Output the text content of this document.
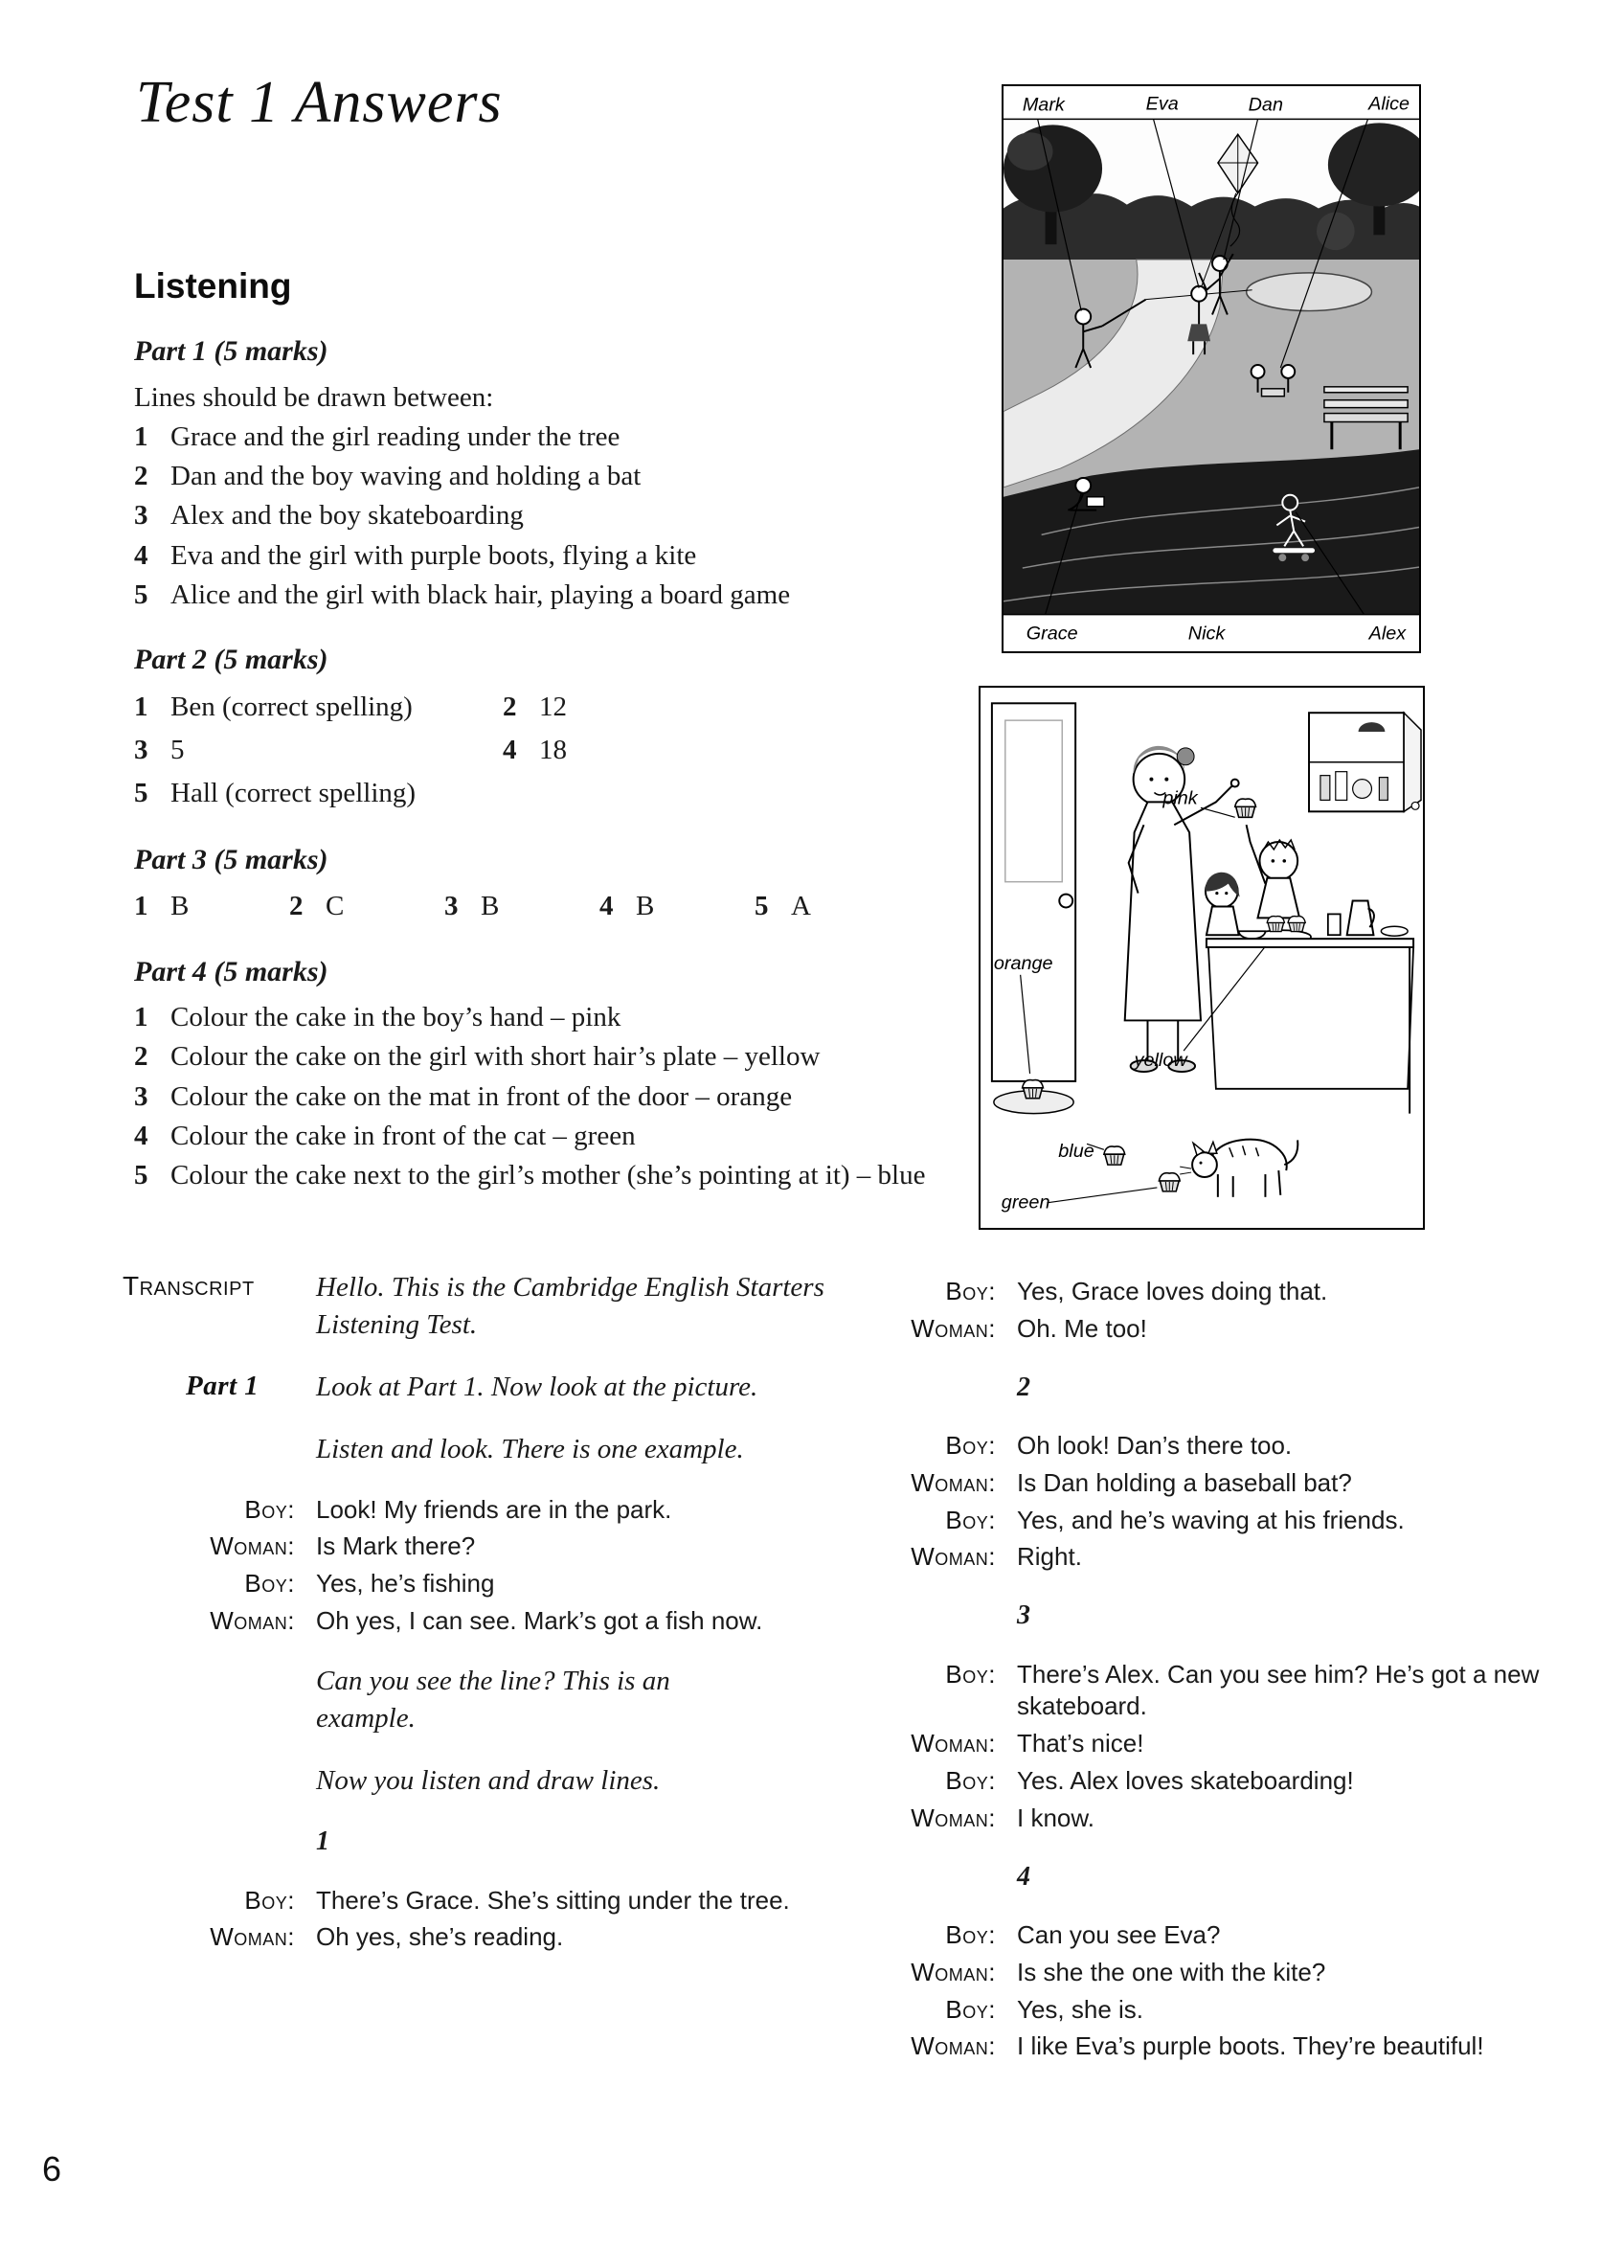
Test 1 Answers
Listening
Part 1 (5 marks)
Lines should be drawn between:
1 Grace and the girl reading under the tree
2 Dan and the boy waving and holding a bat
3 Alex and the boy skateboarding
4 Eva and the girl with purple boots, flying a kite
5 Alice and the girl with black hair, playing a board game
Part 2 (5 marks)
1 Ben (correct spelling)	2 12
3 5	4 18
5 Hall (correct spelling)
Part 3 (5 marks)
1 B	2 C	3 B	4 B	5 A
Part 4 (5 marks)
1 Colour the cake in the boy’s hand – pink
2 Colour the cake on the girl with short hair’s plate – yellow
3 Colour the cake on the mat in front of the door – orange
4 Colour the cake in front of the cat – green
5 Colour the cake next to the girl’s mother (she’s pointing at it) – blue
Mark	Eva	Dan	Alice
Grace	Nick	Alex
pink
orange
yellow
blue
green
Transcript	Hello. This is the Cambridge English Starters Listening Test.
Part 1	Look at Part 1. Now look at the picture.
Listen and look. There is one example.
Boy: Look! My friends are in the park.
Woman: Is Mark there?
Boy: Yes, he’s fishing
Woman: Oh yes, I can see. Mark’s got a fish now.
Can you see the line? This is an example.
Now you listen and draw lines.
1
Boy: There’s Grace. She’s sitting under the tree.
Woman: Oh yes, she’s reading.
Boy: Yes, Grace loves doing that.
Woman: Oh. Me too!
2
Boy: Oh look! Dan’s there too.
Woman: Is Dan holding a baseball bat?
Boy: Yes, and he’s waving at his friends.
Woman: Right.
3
Boy: There’s Alex. Can you see him? He’s got a new skateboard.
Woman: That’s nice!
Boy: Yes. Alex loves skateboarding!
Woman: I know.
4
Boy: Can you see Eva?
Woman: Is she the one with the kite?
Boy: Yes, she is.
Woman: I like Eva’s purple boots. They’re beautiful!
6
